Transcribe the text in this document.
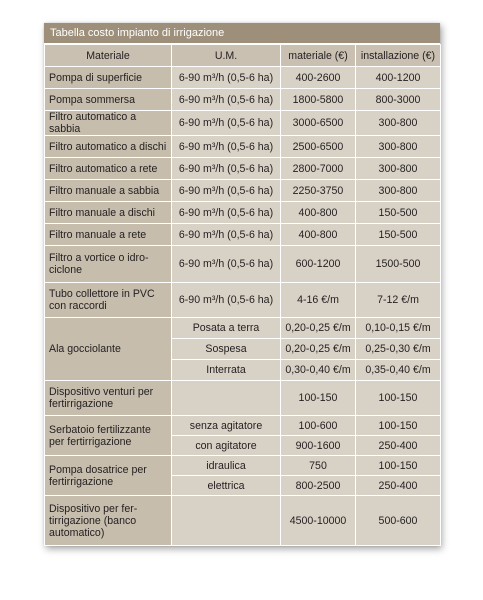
Tabella costo impianto di irrigazione
Materiale	U.M.	materiale (€)	installazione (€)
Pompa di superficie	6-90 m³/h (0,5-6 ha)	400-2600	400-1200
Pompa sommersa	6-90 m³/h (0,5-6 ha)	1800-5800	800-3000
Filtro automatico a sabbia	6-90 m³/h (0,5-6 ha)	3000-6500	300-800
Filtro automatico a dischi	6-90 m³/h (0,5-6 ha)	2500-6500	300-800
Filtro automatico a rete	6-90 m³/h (0,5-6 ha)	2800-7000	300-800
Filtro manuale a sabbia	6-90 m³/h (0,5-6 ha)	2250-3750	300-800
Filtro manuale a dischi	6-90 m³/h (0,5-6 ha)	400-800	150-500
Filtro manuale a rete	6-90 m³/h (0,5-6 ha)	400-800	150-500
Filtro a vortice o idro-ciclone	6-90 m³/h (0,5-6 ha)	600-1200	1500-500
Tubo collettore in PVC con raccordi	6-90 m³/h (0,5-6 ha)	4-16 €/m	7-12 €/m
Ala gocciolante	Posata a terra	0,20-0,25 €/m	0,10-0,15 €/m
	Sospesa	0,20-0,25 €/m	0,25-0,30 €/m
	Interrata	0,30-0,40 €/m	0,35-0,40 €/m
Dispositivo venturi per fertirrigazione		100-150	100-150
Serbatoio fertilizzante per fertirrigazione	senza agitatore	100-600	100-150
	con agitatore	900-1600	250-400
Pompa dosatrice per fertirrigazione	idraulica	750	100-150
	elettrica	800-2500	250-400
Dispositivo per fer-tirrigazione (banco automatico)		4500-10000	500-600
